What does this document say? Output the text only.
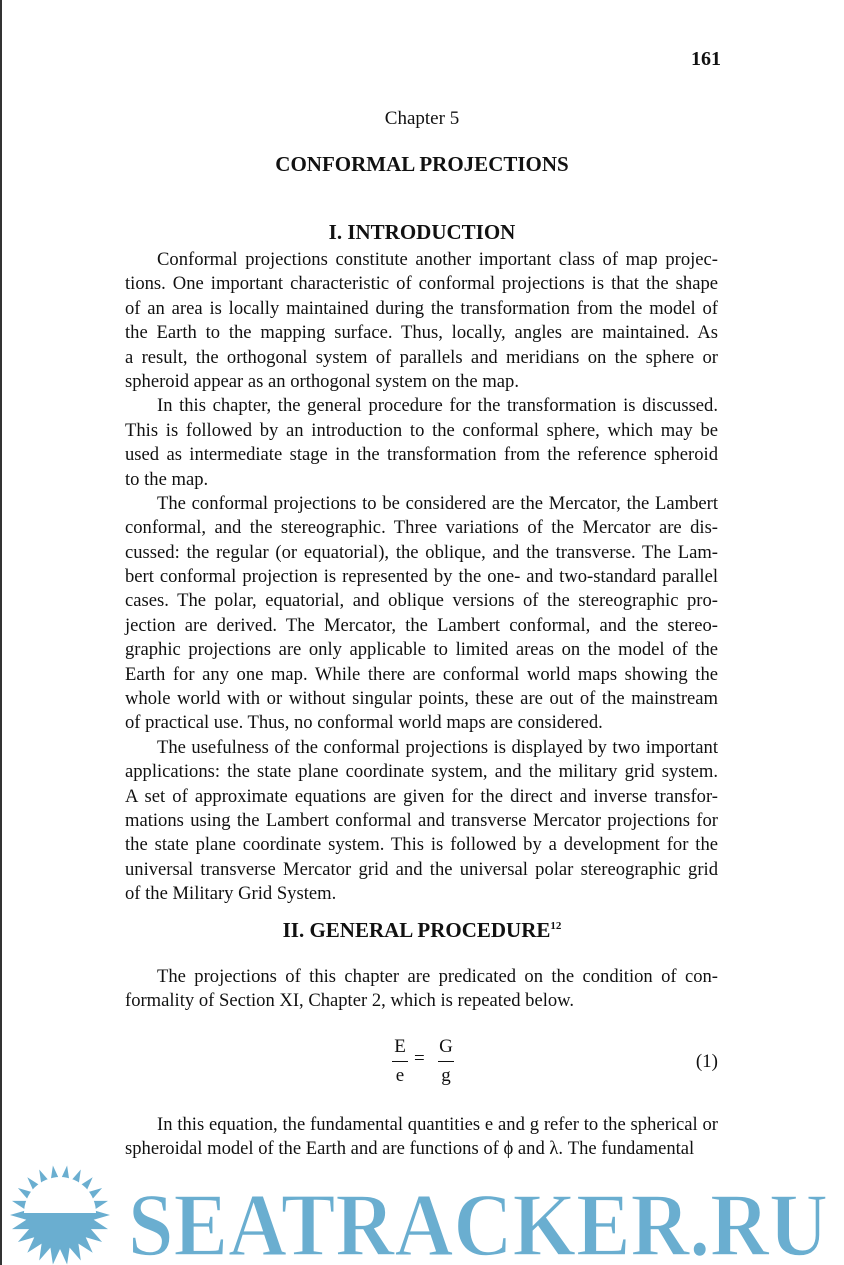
161
Chapter 5
CONFORMAL PROJECTIONS
I. INTRODUCTION
Conformal projections constitute another important class of map projec-
tions. One important characteristic of conformal projections is that the shape
of an area is locally maintained during the transformation from the model of
the Earth to the mapping surface. Thus, locally, angles are maintained. As
a result, the orthogonal system of parallels and meridians on the sphere or
spheroid appear as an orthogonal system on the map.
In this chapter, the general procedure for the transformation is discussed.
This is followed by an introduction to the conformal sphere, which may be
used as intermediate stage in the transformation from the reference spheroid
to the map.
The conformal projections to be considered are the Mercator, the Lambert
conformal, and the stereographic. Three variations of the Mercator are dis-
cussed: the regular (or equatorial), the oblique, and the transverse. The Lam-
bert conformal projection is represented by the one- and two-standard parallel
cases. The polar, equatorial, and oblique versions of the stereographic pro-
jection are derived. The Mercator, the Lambert conformal, and the stereo-
graphic projections are only applicable to limited areas on the model of the
Earth for any one map. While there are conformal world maps showing the
whole world with or without singular points, these are out of the mainstream
of practical use. Thus, no conformal world maps are considered.
The usefulness of the conformal projections is displayed by two important
applications: the state plane coordinate system, and the military grid system.
A set of approximate equations are given for the direct and inverse transfor-
mations using the Lambert conformal and transverse Mercator projections for
the state plane coordinate system. This is followed by a development for the
universal transverse Mercator grid and the universal polar stereographic grid
of the Military Grid System.
II. GENERAL PROCEDURE$^{12}$
The projections of this chapter are predicated on the condition of con-
formality of Section XI, Chapter 2, which is repeated below.
E
e
=
G
g
(1)
In this equation, the fundamental quantities e and g refer to the spherical or
spheroidal model of the Earth and are functions of ϕ and λ. The fundamental
SEATRACKER.RU
